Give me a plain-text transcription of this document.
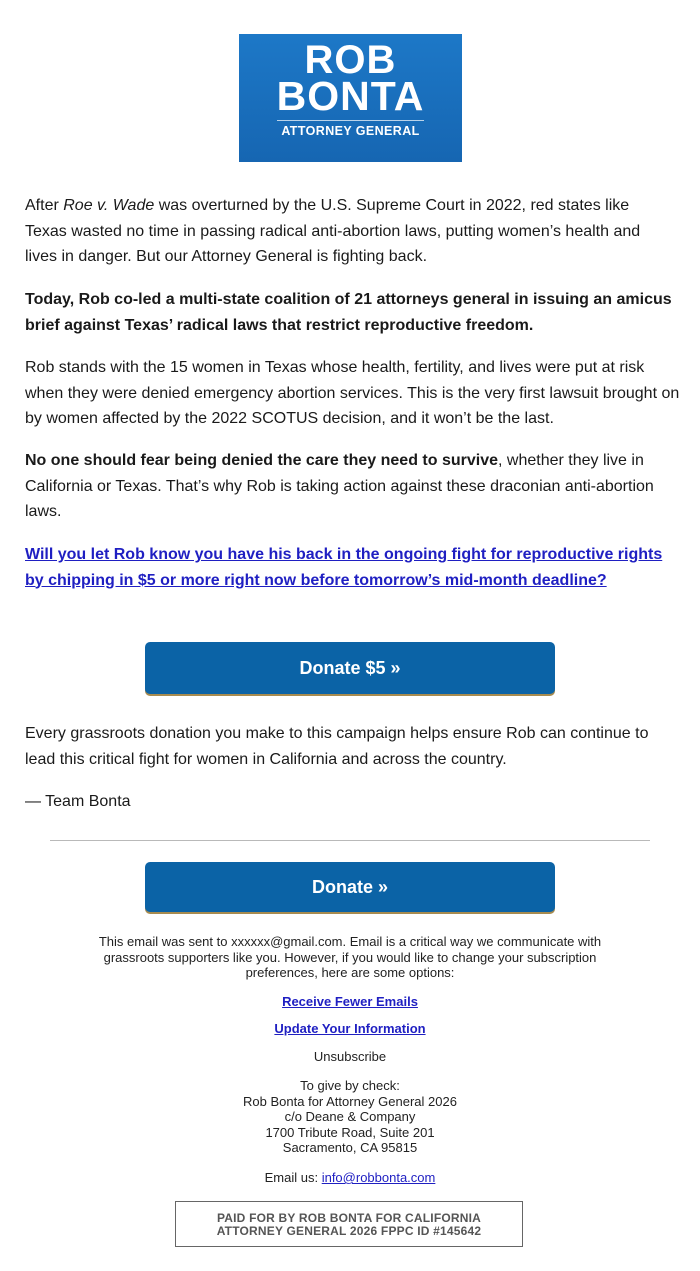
ROB
BONTA
ATTORNEY GENERAL

After Roe v. Wade was overturned by the U.S. Supreme Court in 2022, red states like Texas wasted no time in passing radical anti-abortion laws, putting women’s health and lives in danger. But our Attorney General is fighting back.

Today, Rob co-led a multi-state coalition of 21 attorneys general in issuing an amicus brief against Texas’ radical laws that restrict reproductive freedom.

Rob stands with the 15 women in Texas whose health, fertility, and lives were put at risk when they were denied emergency abortion services. This is the very first lawsuit brought on by women affected by the 2022 SCOTUS decision, and it won’t be the last.

No one should fear being denied the care they need to survive, whether they live in California or Texas. That’s why Rob is taking action against these draconian anti-abortion laws.

Will you let Rob know you have his back in the ongoing fight for reproductive rights by chipping in $5 or more right now before tomorrow’s mid-month deadline?

Donate $5 »

Every grassroots donation you make to this campaign helps ensure Rob can continue to lead this critical fight for women in California and across the country.

— Team Bonta

Donate »
This email was sent to xxxxxx@gmail.com. Email is a critical way we communicate with grassroots supporters like you. However, if you would like to change your subscription preferences, here are some options:
Receive Fewer Emails
Update Your Information
Unsubscribe
To give by check:
Rob Bonta for Attorney General 2026
c/o Deane & Company
1700 Tribute Road, Suite 201
Sacramento, CA 95815
Email us: info@robbonta.com
PAID FOR BY ROB BONTA FOR CALIFORNIA
ATTORNEY GENERAL 2026 FPPC ID #145642
